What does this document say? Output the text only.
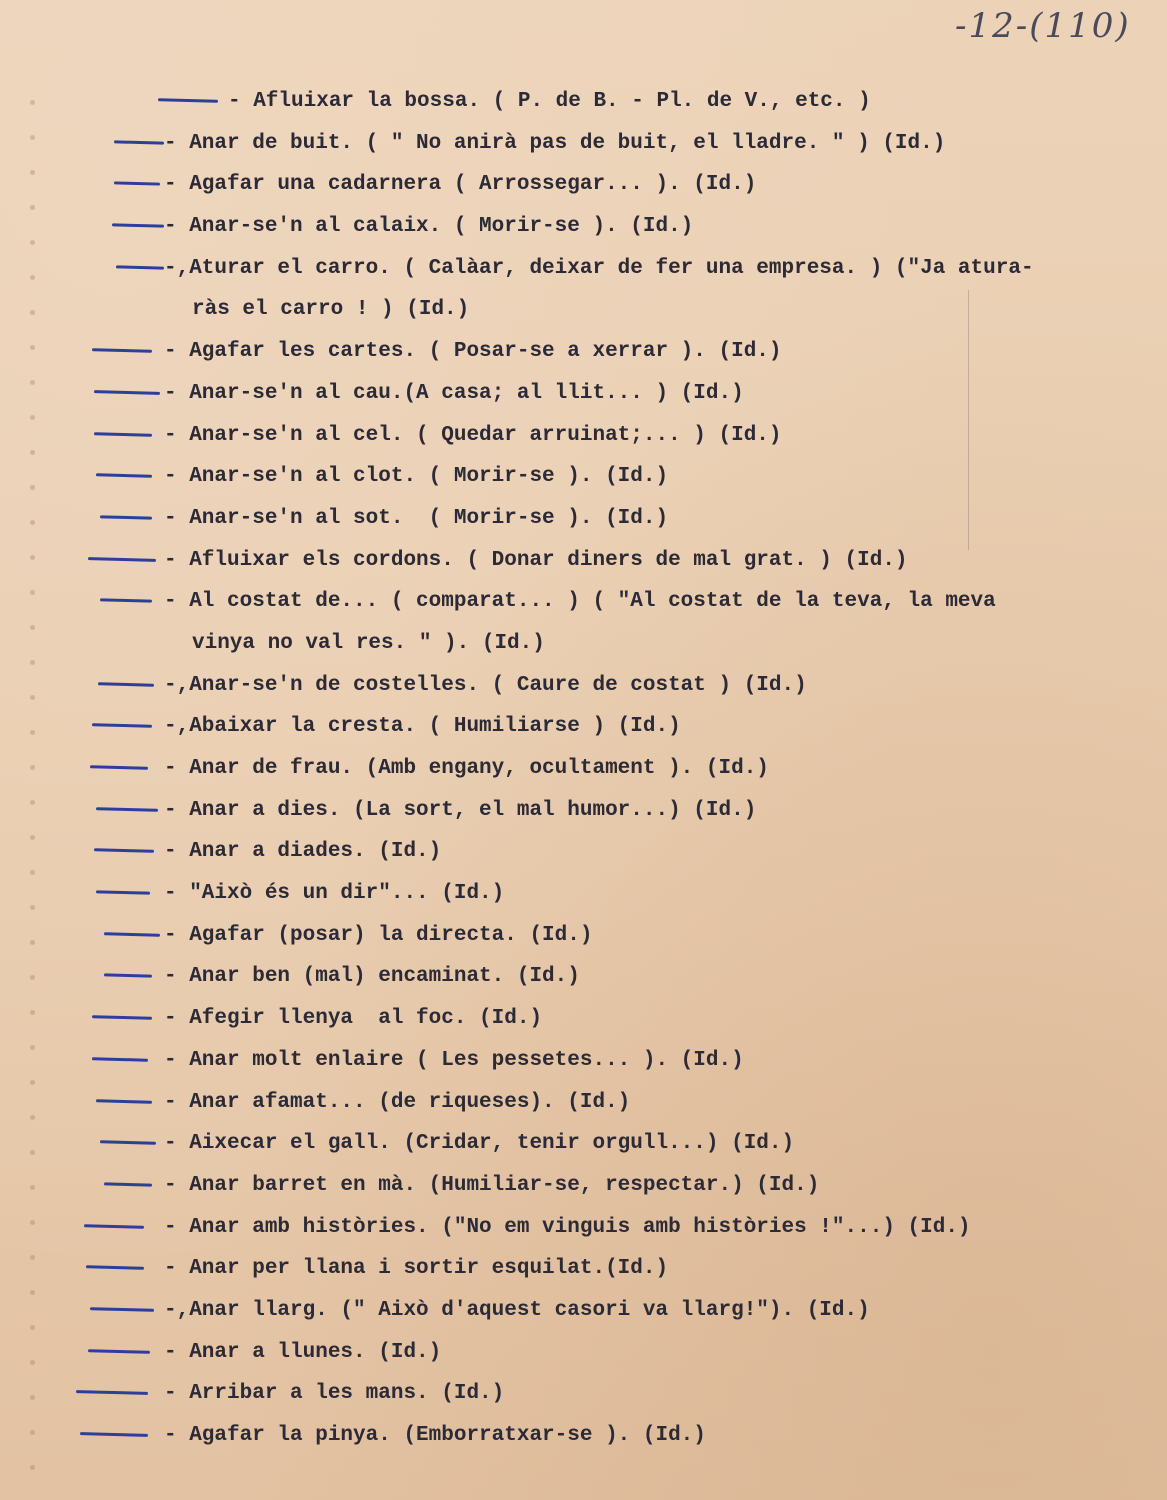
-12-(110)
- Afluixar la bossa. ( P. de B. - Pl. de V., etc. )
- Anar de buit. ( " No anirà pas de buit, el lladre. " ) (Id.)
- Agafar una cadarnera ( Arrossegar... ). (Id.)
- Anar-se'n al calaix. ( Morir-se ). (Id.)
-,Aturar el carro. ( Calàar, deixar de fer una empresa. ) ("Ja atura-
ràs el carro ! ) (Id.)
- Agafar les cartes. ( Posar-se a xerrar ). (Id.)
- Anar-se'n al cau.(A casa; al llit... ) (Id.)
- Anar-se'n al cel. ( Quedar arruinat;... ) (Id.)
- Anar-se'n al clot. ( Morir-se ). (Id.)
- Anar-se'n al sot.  ( Morir-se ). (Id.)
- Afluixar els cordons. ( Donar diners de mal grat. ) (Id.)
- Al costat de... ( comparat... ) ( "Al costat de la teva, la meva
vinya no val res. " ). (Id.)
-,Anar-se'n de costelles. ( Caure de costat ) (Id.)
-,Abaixar la cresta. ( Humiliarse ) (Id.)
- Anar de frau. (Amb engany, ocultament ). (Id.)
- Anar a dies. (La sort, el mal humor...) (Id.)
- Anar a diades. (Id.)
- "Això és un dir"... (Id.)
- Agafar (posar) la directa. (Id.)
- Anar ben (mal) encaminat. (Id.)
- Afegir llenya  al foc. (Id.)
- Anar molt enlaire ( Les pessetes... ). (Id.)
- Anar afamat... (de riqueses). (Id.)
- Aixecar el gall. (Cridar, tenir orgull...) (Id.)
- Anar barret en mà. (Humiliar-se, respectar.) (Id.)
- Anar amb històries. ("No em vinguis amb històries !"...) (Id.)
- Anar per llana i sortir esquilat.(Id.)
-,Anar llarg. (" Això d'aquest casori va llarg!"). (Id.)
- Anar a llunes. (Id.)
- Arribar a les mans. (Id.)
- Agafar la pinya. (Emborratxar-se ). (Id.)
